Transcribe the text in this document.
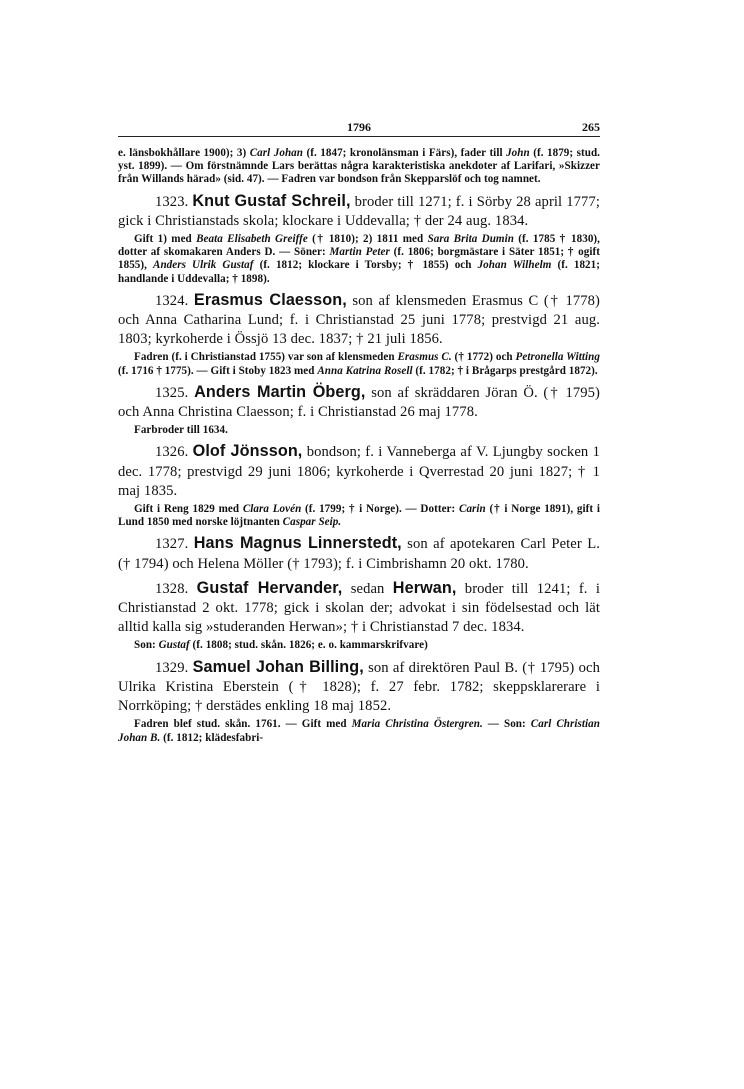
1796	265

e. länsbokhållare 1900); 3) Carl Johan (f. 1847; kronolänsman i Färs), fader till John (f. 1879; stud. yst. 1899). — Om förstnämnde Lars berättas några karakteristiska anekdoter af Larifari, »Skizzer från Willands härad» (sid. 47). — Fadren var bondson från Skepparslöf och tog namnet.

1323. Knut Gustaf Schreil, broder till 1271; f. i Sörby 28 april 1777; gick i Christianstads skola; klockare i Uddevalla; † der 24 aug. 1834.

Gift 1) med Beata Elisabeth Greiffe († 1810); 2) 1811 med Sara Brita Dumin (f. 1785 † 1830), dotter af skomakaren Anders D. — Söner: Martin Peter (f. 1806; borgmästare i Säter 1851; † ogift 1855), Anders Ulrik Gustaf (f. 1812; klockare i Torsby; † 1855) och Johan Wilhelm (f. 1821; handlande i Uddevalla; † 1898).

1324. Erasmus Claesson, son af klensmeden Erasmus C († 1778) och Anna Catharina Lund; f. i Christianstad 25 juni 1778; prestvigd 21 aug. 1803; kyrkoherde i Össjö 13 dec. 1837; † 21 juli 1856.

Fadren (f. i Christianstad 1755) var son af klensmeden Erasmus C. († 1772) och Petronella Witting (f. 1716 † 1775). — Gift i Stoby 1823 med Anna Katrina Rosell (f. 1782; † i Brågarps prestgård 1872).

1325. Anders Martin Öberg, son af skräddaren Jöran Ö. († 1795) och Anna Christina Claesson; f. i Christianstad 26 maj 1778.

Farbroder till 1634.

1326. Olof Jönsson, bondson; f. i Vanneberga af V. Ljungby socken 1 dec. 1778; prestvigd 29 juni 1806; kyrkoherde i Qverrestad 20 juni 1827; † 1 maj 1835.

Gift i Reng 1829 med Clara Lovén (f. 1799; † i Norge). — Dotter: Carin († i Norge 1891), gift i Lund 1850 med norske löjtnanten Caspar Seip.

1327. Hans Magnus Linnerstedt, son af apotekaren Carl Peter L. († 1794) och Helena Möller († 1793); f. i Cimbrishamn 20 okt. 1780.

1328. Gustaf Hervander, sedan Herwan, broder till 1241; f. i Christianstad 2 okt. 1778; gick i skolan der; advokat i sin födelsestad och lät alltid kalla sig »studeranden Herwan»; † i Christianstad 7 dec. 1834.

Son: Gustaf (f. 1808; stud. skån. 1826; e. o. kammarskrifvare)

1329. Samuel Johan Billing, son af direktören Paul B. († 1795) och Ulrika Kristina Eberstein († 1828); f. 27 febr. 1782; skeppsklarerare i Norrköping; † derstädes enkling 18 maj 1852.

Fadren blef stud. skån. 1761. — Gift med Maria Christina Östergren. — Son: Carl Christian Johan B. (f. 1812; klädesfabri-
